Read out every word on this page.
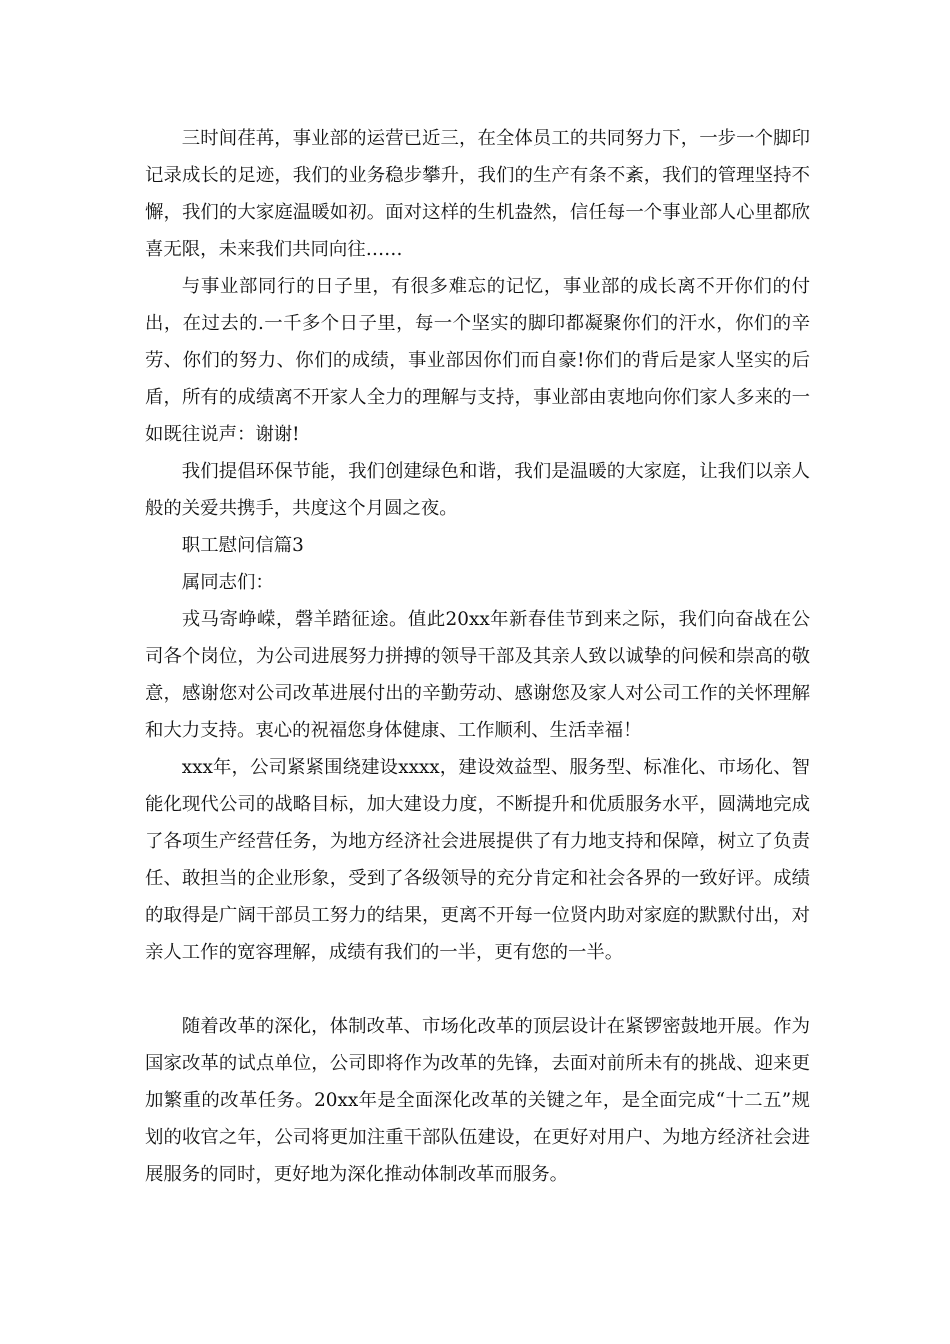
三时间荏苒，事业部的运营已近三，在全体员工的共同努力下，一步一个脚印记录成长的足迹，我们的业务稳步攀升，我们的生产有条不紊，我们的管理坚持不懈，我们的大家庭温暖如初。面对这样的生机盎然，信任每一个事业部人心里都欣喜无限，未来我们共同向往……

与事业部同行的日子里，有很多难忘的记忆，事业部的成长离不开你们的付出，在过去的.一千多个日子里，每一个坚实的脚印都凝聚你们的汗水，你们的辛劳、你们的努力、你们的成绩，事业部因你们而自豪!你们的背后是家人坚实的后盾，所有的成绩离不开家人全力的理解与支持，事业部由衷地向你们家人多来的一如既往说声：谢谢!

我们提倡环保节能，我们创建绿色和谐，我们是温暖的大家庭，让我们以亲人般的关爱共携手，共度这个月圆之夜。

职工慰问信篇3

属同志们：

戎马寄峥嵘，磬羊踏征途。值此20xx年新春佳节到来之际，我们向奋战在公司各个岗位，为公司进展努力拼搏的领导干部及其亲人致以诚挚的问候和崇高的敬意，感谢您对公司改革进展付出的辛勤劳动、感谢您及家人对公司工作的关怀理解和大力支持。衷心的祝福您身体健康、工作顺利、生活幸福！

xxx年，公司紧紧围绕建设xxxx，建设效益型、服务型、标准化、市场化、智能化现代公司的战略目标，加大建设力度，不断提升和优质服务水平，圆满地完成了各项生产经营任务，为地方经济社会进展提供了有力地支持和保障，树立了负责任、敢担当的企业形象，受到了各级领导的充分肯定和社会各界的一致好评。成绩的取得是广阔干部员工努力的结果，更离不开每一位贤内助对家庭的默默付出，对亲人工作的宽容理解，成绩有我们的一半，更有您的一半。

随着改革的深化，体制改革、市场化改革的顶层设计在紧锣密鼓地开展。作为国家改革的试点单位，公司即将作为改革的先锋，去面对前所未有的挑战、迎来更加繁重的改革任务。20xx年是全面深化改革的关键之年，是全面完成“十二五”规划的收官之年，公司将更加注重干部队伍建设，在更好对用户、为地方经济社会进展服务的同时，更好地为深化推动体制改革而服务。
